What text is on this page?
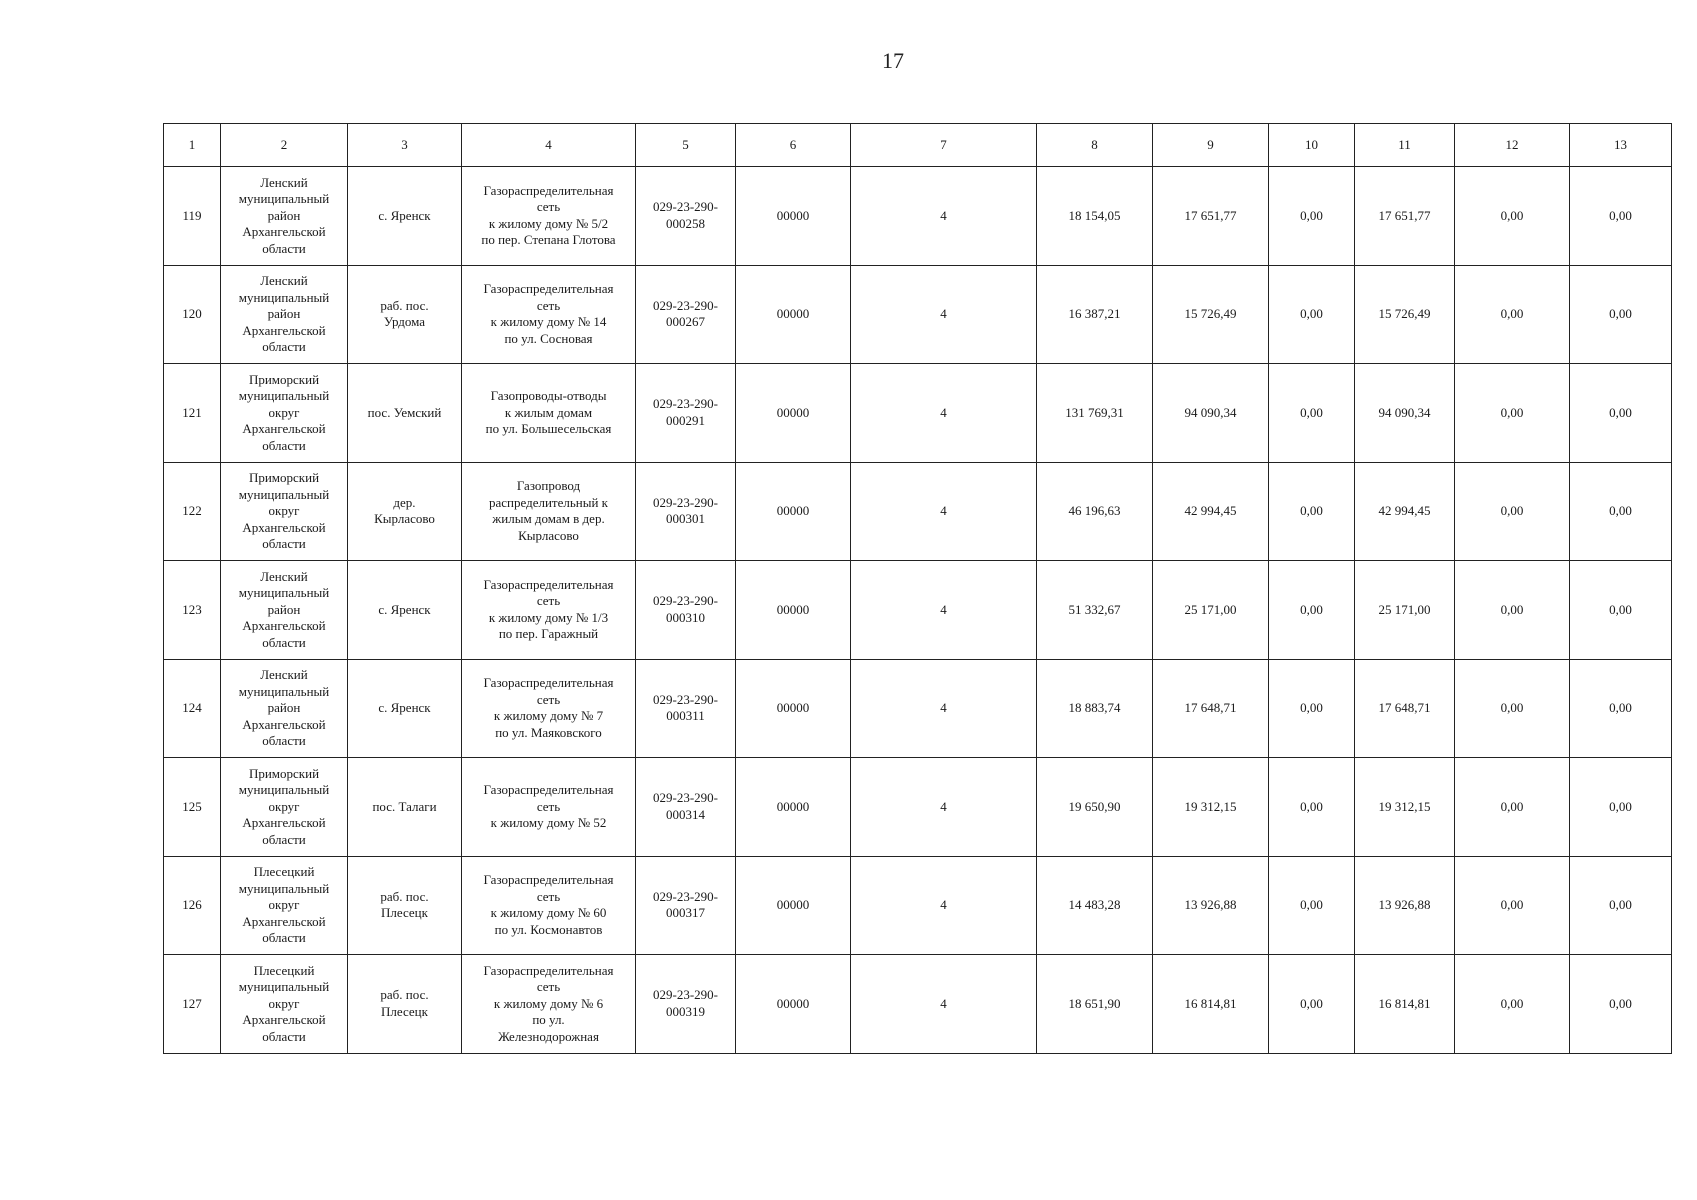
17
1	2	3	4	5	6	7	8	9	10	11	12	13
119	Ленский
муниципальный
район
Архангельской
области	с. Яренск	Газораспределительная
сеть
к жилому дому № 5/2
по пер. Степана Глотова	029-23-290-
000258	00000	4	18 154,05	17 651,77	0,00	17 651,77	0,00	0,00
120	Ленский
муниципальный
район
Архангельской
области	раб. пос.
Урдома	Газораспределительная
сеть
к жилому дому № 14
по ул. Сосновая	029-23-290-
000267	00000	4	16 387,21	15 726,49	0,00	15 726,49	0,00	0,00
121	Приморский
муниципальный
округ
Архангельской
области	пос. Уемский	Газопроводы-отводы
к жилым домам
по ул. Большесельская	029-23-290-
000291	00000	4	131 769,31	94 090,34	0,00	94 090,34	0,00	0,00
122	Приморский
муниципальный
округ
Архангельской
области	дер.
Кырласово	Газопровод
распределительный к
жилым домам в дер.
Кырласово	029-23-290-
000301	00000	4	46 196,63	42 994,45	0,00	42 994,45	0,00	0,00
123	Ленский
муниципальный
район
Архангельской
области	с. Яренск	Газораспределительная
сеть
к жилому дому № 1/3
по пер. Гаражный	029-23-290-
000310	00000	4	51 332,67	25 171,00	0,00	25 171,00	0,00	0,00
124	Ленский
муниципальный
район
Архангельской
области	с. Яренск	Газораспределительная
сеть
к жилому дому № 7
по ул. Маяковского	029-23-290-
000311	00000	4	18 883,74	17 648,71	0,00	17 648,71	0,00	0,00
125	Приморский
муниципальный
округ
Архангельской
области	пос. Талаги	Газораспределительная
сеть
к жилому дому № 52	029-23-290-
000314	00000	4	19 650,90	19 312,15	0,00	19 312,15	0,00	0,00
126	Плесецкий
муниципальный
округ
Архангельской
области	раб. пос.
Плесецк	Газораспределительная
сеть
к жилому дому № 60
по ул. Космонавтов	029-23-290-
000317	00000	4	14 483,28	13 926,88	0,00	13 926,88	0,00	0,00
127	Плесецкий
муниципальный
округ
Архангельской
области	раб. пос.
Плесецк	Газораспределительная
сеть
к жилому дому № 6
по ул.
Железнодорожная	029-23-290-
000319	00000	4	18 651,90	16 814,81	0,00	16 814,81	0,00	0,00
